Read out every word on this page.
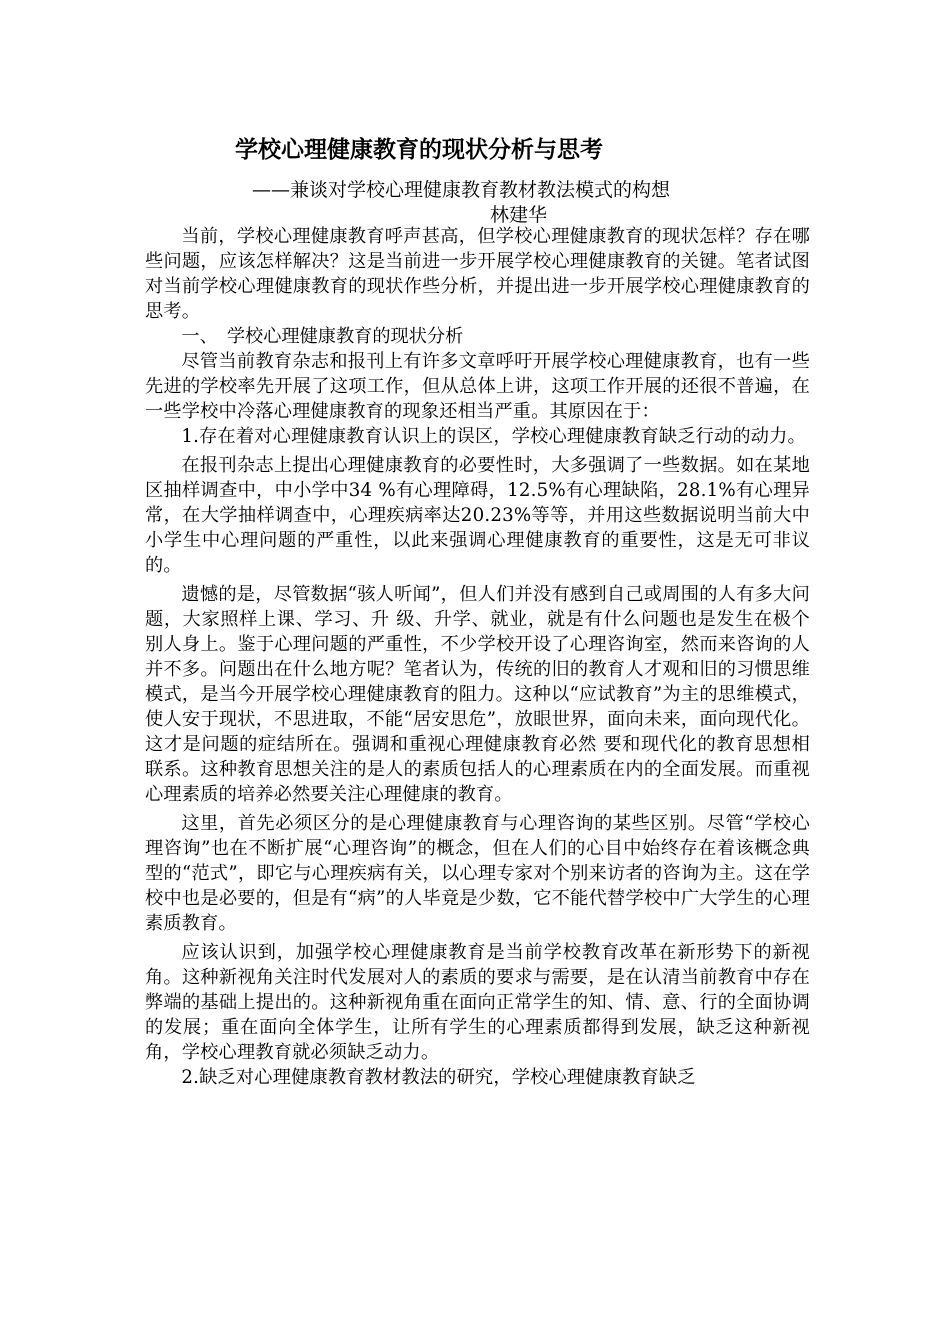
学校心理健康教育的现状分析与思考
——兼谈对学校心理健康教育教材教法模式的构想
林建华

当前，学校心理健康教育呼声甚高，但学校心理健康教育的现状怎样？存在哪些问题，应该怎样解决？这是当前进一步开展学校心理健康教育的关键。笔者试图对当前学校心理健康教育的现状作些分析，并提出进一步开展学校心理健康教育的思考。

一、　学校心理健康教育的现状分析

尽管当前教育杂志和报刊上有许多文章呼吁开展学校心理健康教育，也有一些先进的学校率先开展了这项工作，但从总体上讲，这项工作开展的还很不普遍，在一些学校中冷落心理健康教育的现象还相当严重。其原因在于：

1.存在着对心理健康教育认识上的误区，学校心理健康教育缺乏行动的动力。

在报刊杂志上提出心理健康教育的必要性时，大多强调了一些数据。如在某地区抽样调查中，中小学中34 %有心理障碍，12.5%有心理缺陷，28.1%有心理异常，在大学抽样调查中，心理疾病率达20.23%等等，并用这些数据说明当前大中小学生中心理问题的严重性，以此来强调心理健康教育的重要性，这是无可非议的。

遗憾的是，尽管数据“骇人听闻”，但人们并没有感到自己或周围的人有多大问题，大家照样上课、学习、升 级、升学、就业，就是有什么问题也是发生在极个别人身上。鉴于心理问题的严重性，不少学校开设了心理咨询室，然而来咨询的人并不多。问题出在什么地方呢？笔者认为，传统的旧的教育人才观和旧的习惯思维模式，是当今开展学校心理健康教育的阻力。这种以“应试教育”为主的思维模式，使人安于现状，不思进取，不能“居安思危”，放眼世界，面向未来，面向现代化。这才是问题的症结所在。强调和重视心理健康教育必然 要和现代化的教育思想相联系。这种教育思想关注的是人的素质包括人的心理素质在内的全面发展。而重视心理素质的培养必然要关注心理健康的教育。

这里，首先必须区分的是心理健康教育与心理咨询的某些区别。尽管“学校心理咨询”也在不断扩展“心理咨询”的概念，但在人们的心目中始终存在着该概念典型的“范式”，即它与心理疾病有关，以心理专家对个别来访者的咨询为主。这在学校中也是必要的，但是有“病”的人毕竟是少数，它不能代替学校中广大学生的心理素质教育。

应该认识到，加强学校心理健康教育是当前学校教育改革在新形势下的新视角。这种新视角关注时代发展对人的素质的要求与需要，是在认清当前教育中存在弊端的基础上提出的。这种新视角重在面向正常学生的知、情、意、行的全面协调的发展；重在面向全体学生，让所有学生的心理素质都得到发展，缺乏这种新视角，学校心理教育就必须缺乏动力。

2.缺乏对心理健康教育教材教法的研究，学校心理健康教育缺乏
